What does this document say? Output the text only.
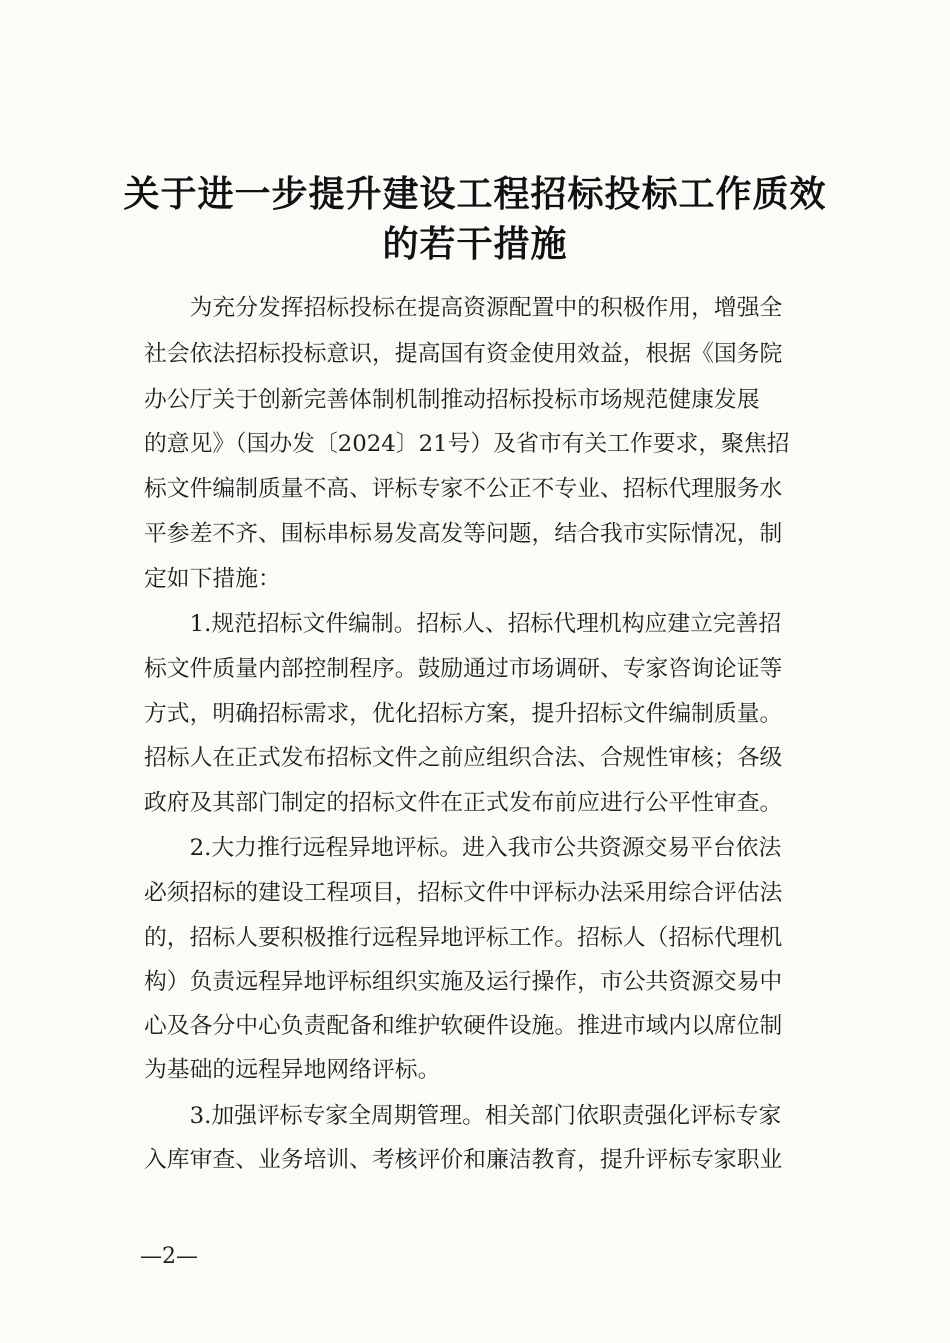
关于进一步提升建设工程招标投标工作质效
的若干措施
　　为充分发挥招标投标在提高资源配置中的积极作用，增强全
社会依法招标投标意识，提高国有资金使用效益，根据《国务院
办公厅关于创新完善体制机制推动招标投标市场规范健康发展
的意见》（国办发〔2024〕21号）及省市有关工作要求，聚焦招
标文件编制质量不高、评标专家不公正不专业、招标代理服务水
平参差不齐、围标串标易发高发等问题，结合我市实际情况，制
定如下措施：
　　1.规范招标文件编制。招标人、招标代理机构应建立完善招
标文件质量内部控制程序。鼓励通过市场调研、专家咨询论证等
方式，明确招标需求，优化招标方案，提升招标文件编制质量。
招标人在正式发布招标文件之前应组织合法、合规性审核；各级
政府及其部门制定的招标文件在正式发布前应进行公平性审查。
　　2.大力推行远程异地评标。进入我市公共资源交易平台依法
必须招标的建设工程项目，招标文件中评标办法采用综合评估法
的，招标人要积极推行远程异地评标工作。招标人（招标代理机
构）负责远程异地评标组织实施及运行操作，市公共资源交易中
心及各分中心负责配备和维护软硬件设施。推进市域内以席位制
为基础的远程异地网络评标。
　　3.加强评标专家全周期管理。相关部门依职责强化评标专家
入库审查、业务培训、考核评价和廉洁教育，提升评标专家职业
—2—
